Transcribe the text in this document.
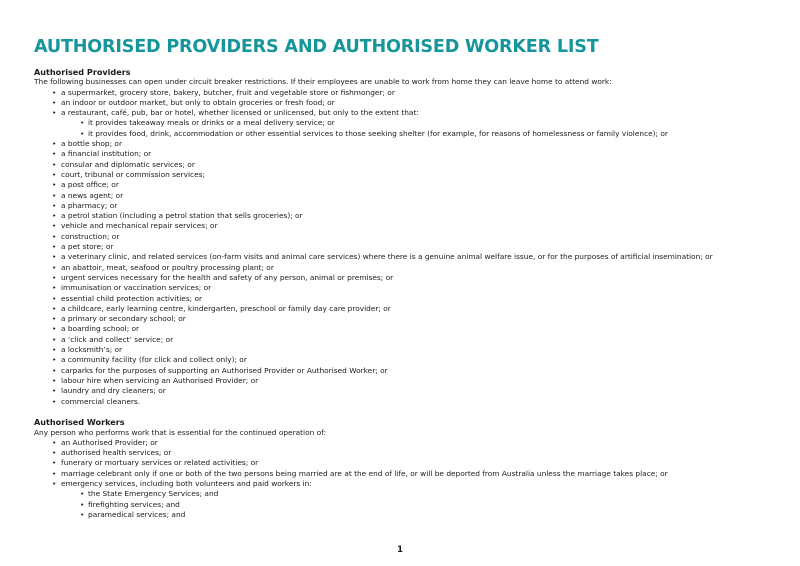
AUTHORISED PROVIDERS AND AUTHORISED WORKER LIST

Authorised Providers

The following businesses can open under circuit breaker restrictions. If their employees are unable to work from home they can leave home to attend work:

• a supermarket, grocery store, bakery, butcher, fruit and vegetable store or fishmonger; or
• an indoor or outdoor market, but only to obtain groceries or fresh food; or
• a restaurant, café, pub, bar or hotel, whether licensed or unlicensed, but only to the extent that:
• it provides takeaway meals or drinks or a meal delivery service; or
• it provides food, drink, accommodation or other essential services to those seeking shelter (for example, for reasons of homelessness or family violence); or
• a bottle shop; or
• a financial institution; or
• consular and diplomatic services; or
• court, tribunal or commission services;
• a post office; or
• a news agent; or
• a pharmacy; or
• a petrol station (including a petrol station that sells groceries); or
• vehicle and mechanical repair services; or
• construction; or
• a pet store; or
• a veterinary clinic, and related services (on-farm visits and animal care services) where there is a genuine animal welfare issue, or for the purposes of artificial insemination; or
• an abattoir, meat, seafood or poultry processing plant; or
• urgent services necessary for the health and safety of any person, animal or premises; or
• immunisation or vaccination services; or
• essential child protection activities; or
• a childcare, early learning centre, kindergarten, preschool or family day care provider; or
• a primary or secondary school; or
• a boarding school; or
• a ‘click and collect’ service; or
• a locksmith’s; or
• a community facility (for click and collect only); or
• carparks for the purposes of supporting an Authorised Provider or Authorised Worker; or
• labour hire when servicing an Authorised Provider; or
• laundry and dry cleaners; or
• commercial cleaners.

Authorised Workers

Any person who performs work that is essential for the continued operation of:

• an Authorised Provider; or
• authorised health services; or
• funerary or mortuary services or related activities; or
• marriage celebrant only if one or both of the two persons being married are at the end of life, or will be deported from Australia unless the marriage takes place; or
• emergency services, including both volunteers and paid workers in:
• the State Emergency Services; and
• firefighting services; and
• paramedical services; and
1
